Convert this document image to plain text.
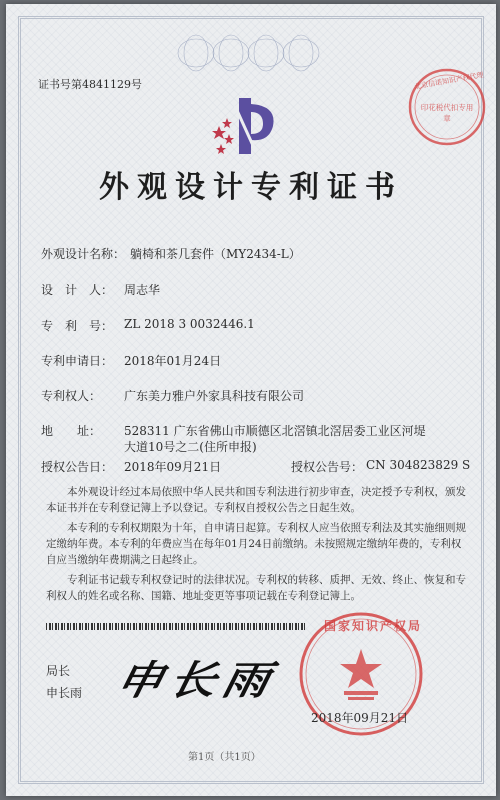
证书号第4841129号	北京信诺知识产权代理
印花税代扣专用章
外观设计专利证书
外观设计名称： 躺椅和茶几套件（MY2434-L）
设　计　人： 周志华
专　利　号： ZL 2018 3 0032446.1
专利申请日： 2018年01月24日
专利权人： 广东美力雅户外家具科技有限公司
地　　址： 528311 广东省佛山市顺德区北滘镇北滘居委工业区河堤
大道10号之二(住所申报)
授权公告日： 2018年09月21日	授权公告号： CN 304823829 S
本外观设计经过本局依照中华人民共和国专利法进行初步审查，决定授予专利权，颁发本证书并在专利登记簿上予以登记。专利权自授权公告之日起生效。
本专利的专利权期限为十年，自申请日起算。专利权人应当依照专利法及其实施细则规定缴纳年费。本专利的年费应当在每年01月24日前缴纳。未按照规定缴纳年费的，专利权自应当缴纳年费期满之日起终止。
专利证书记载专利权登记时的法律状况。专利权的转移、质押、无效、终止、恢复和专利权人的姓名或名称、国籍、地址变更等事项记载在专利登记簿上。
局长
申长雨 申长雨
国家知识产权局
2018年09月21日
第1页（共1页）
